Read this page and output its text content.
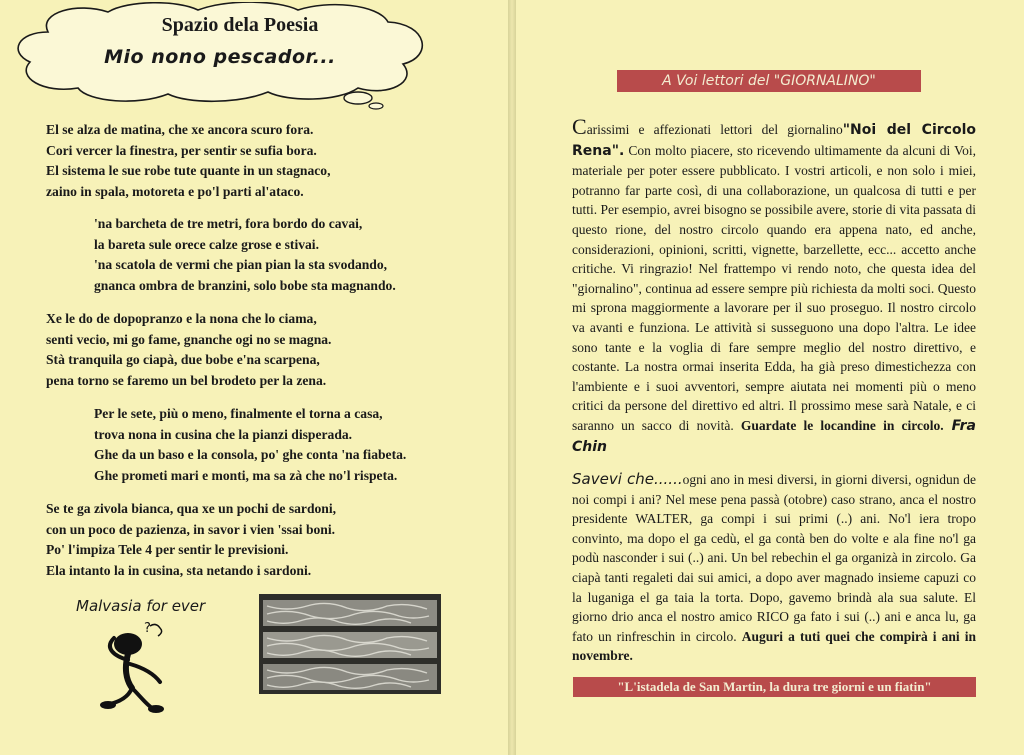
Spazio dela Poesia
Mio nono pescador...
El se alza de matina, che xe ancora scuro fora.
Cori vercer la finestra, per sentir se sufia bora.
El sistema le sue robe tute quante in un stagnaco,
zaino in spala, motoreta e po'l parti al'ataco.
'na barcheta de tre metri, fora bordo do cavai,
la bareta sule orece calze grose e stivai.
'na scatola de vermi che pian pian la sta svodando,
gnanca ombra de branzini, solo bobe sta magnando.
Xe le do de dopopranzo e la nona che lo ciama,
senti vecio, mi go fame, gnanche ogi no se magna.
Stà tranquila go ciapà, due bobe e'na scarpena,
pena torno se faremo un bel brodeto per la zena.
Per le sete, più o meno, finalmente el torna a casa,
trova nona in cusina che la pianzi disperada.
Ghe da un baso e la consola, po' ghe conta 'na fiabeta.
Ghe prometi mari e monti, ma sa zà che no'l rispeta.
Se te ga zivola bianca, qua xe un pochi de sardoni,
con un poco de pazienza, in savor i vien 'ssai boni.
Po' l'impiza Tele 4 per sentir le previsioni.
Ela intanto la in cusina, sta netando i sardoni.
Malvasia for ever
?
A Voi lettori del "GIORNALINO"
Carissimi e affezionati lettori del giornalino"Noi del Circolo Rena". Con molto piacere, sto ricevendo ultimamente da alcuni di Voi, materiale per poter essere pubblicato. I vostri articoli, e non solo i miei, potranno far parte così, di una collaborazione, un qualcosa di tutti e per tutti. Per esempio, avrei bisogno se possibile avere, storie di vita passata di questo rione, del nostro circolo quando era appena nato, ed anche, considerazioni, opinioni, scritti, vignette, barzellette, ecc... accetto anche critiche. Vi ringrazio! Nel frattempo vi rendo noto, che questa idea del "giornalino", continua ad essere sempre più richiesta da molti soci. Questo mi sprona maggiormente a lavorare per il suo proseguo. Il nostro circolo va avanti e funziona. Le attività si susseguono una dopo l'altra. Le idee sono tante e la voglia di fare sempre meglio del nostro direttivo, e costante. La nostra ormai inserita Edda, ha già preso dimestichezza con l'ambiente e i suoi avventori, sempre aiutata nei momenti più o meno critici da persone del direttivo ed altri. Il prossimo mese sarà Natale, e ci saranno un sacco di novità. Guardate le locandine in circolo. Fra Chin
Savevi che......ogni ano in mesi diversi, in giorni diversi, ognidun de noi compi i ani? Nel mese pena passà (otobre) caso strano, anca el nostro presidente WALTER, ga compi i sui primi (..) ani. No'l iera tropo convinto, ma dopo el ga cedù, el ga contà ben do volte e ala fine no'l ga podù nasconder i sui (..) ani. Un bel rebechin el ga organizà in zircolo. Ga ciapà tanti regaleti dai sui amici, a dopo aver magnado insieme capuzi co la luganiga el ga taia la torta. Dopo, gavemo brindà ala sua salute. El giorno drio anca el nostro amico RICO ga fato i sui (..) ani e anca lu, ga fato un rinfreschin in circolo. Auguri a tuti quei che compirà i ani in novembre.
"L'istadela de San Martin, la dura tre giorni e un fiatin"
